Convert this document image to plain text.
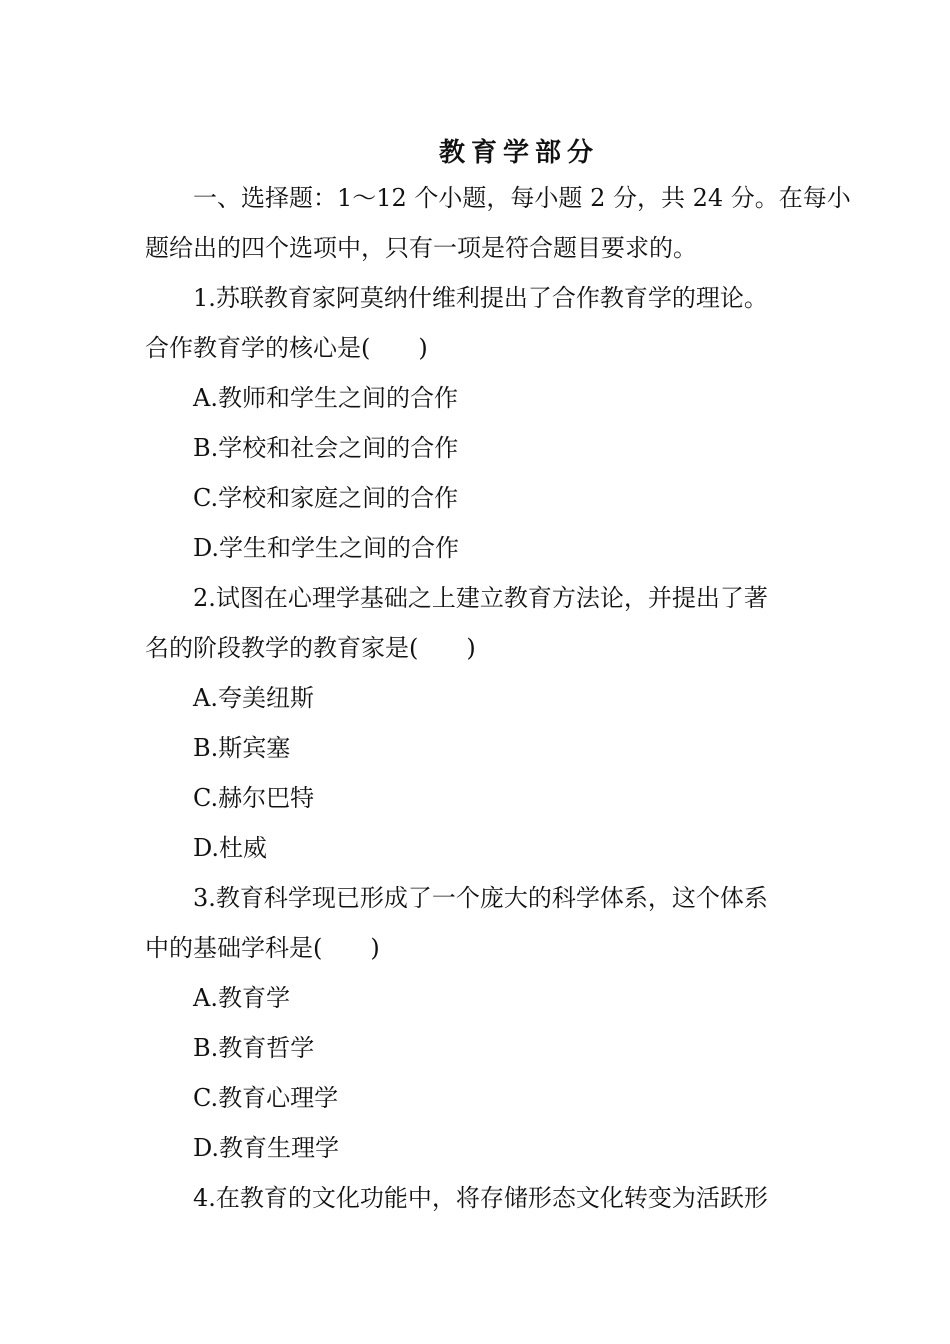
教育学部分
一、选择题：1～12 个小题，每小题 2 分，共 24 分。在每小
题给出的四个选项中，只有一项是符合题目要求的。
1.苏联教育家阿莫纳什维利提出了合作教育学的理论。
合作教育学的核心是(　　)
A.教师和学生之间的合作
B.学校和社会之间的合作
C.学校和家庭之间的合作
D.学生和学生之间的合作
2.试图在心理学基础之上建立教育方法论，并提出了著
名的阶段教学的教育家是(　　)
A.夸美纽斯
B.斯宾塞
C.赫尔巴特
D.杜威
3.教育科学现已形成了一个庞大的科学体系，这个体系
中的基础学科是(　　)
A.教育学
B.教育哲学
C.教育心理学
D.教育生理学
4.在教育的文化功能中，将存储形态文化转变为活跃形
